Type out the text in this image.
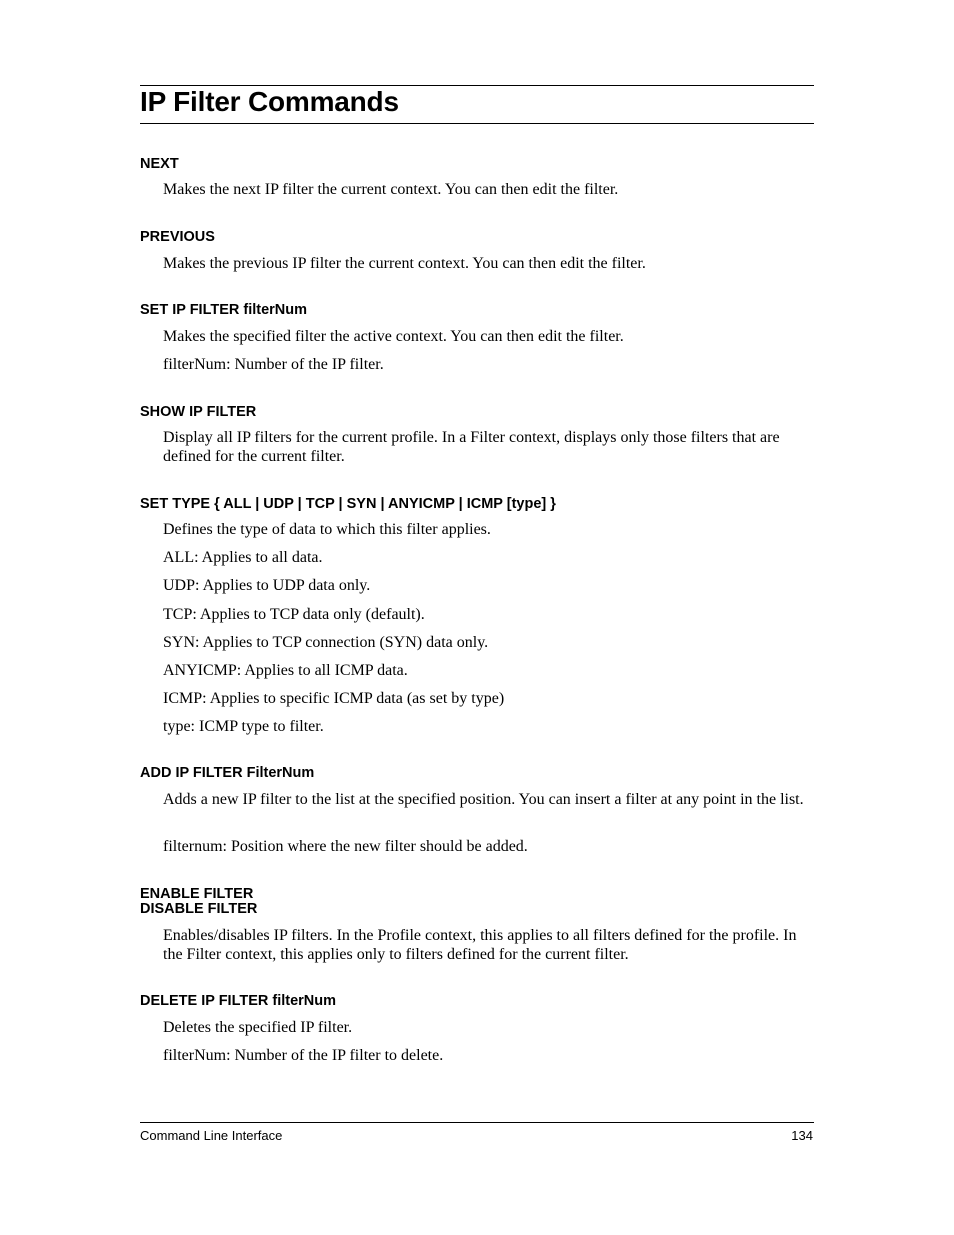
IP Filter Commands
NEXT

Makes the next IP filter the current context. You can then edit the filter.

PREVIOUS

Makes the previous IP filter the current context. You can then edit the filter.

SET IP FILTER filterNum

Makes the specified filter the active context. You can then edit the filter.

filterNum: Number of the IP filter.

SHOW IP FILTER

Display all IP filters for the current profile. In a Filter context, displays only those filters that are defined for the current filter.

SET TYPE { ALL | UDP | TCP | SYN | ANYICMP | ICMP [type] }

Defines the type of data to which this filter applies.

ALL: Applies to all data.

UDP: Applies to UDP data only.

TCP: Applies to TCP data only (default).

SYN: Applies to TCP connection (SYN) data only.

ANYICMP: Applies to all ICMP data.

ICMP: Applies to specific ICMP data (as set by type)

type: ICMP type to filter.

ADD IP FILTER FilterNum

Adds a new IP filter to the list at the specified position. You can insert a filter at any point in the list.

filternum: Position where the new filter should be added.

ENABLE FILTER
DISABLE FILTER

Enables/disables IP filters. In the Profile context, this applies to all filters defined for the profile. In the Filter context, this applies only to filters defined for the current filter.

DELETE IP FILTER filterNum

Deletes the specified IP filter.

filterNum: Number of the IP filter to delete.

Command Line Interface	134
